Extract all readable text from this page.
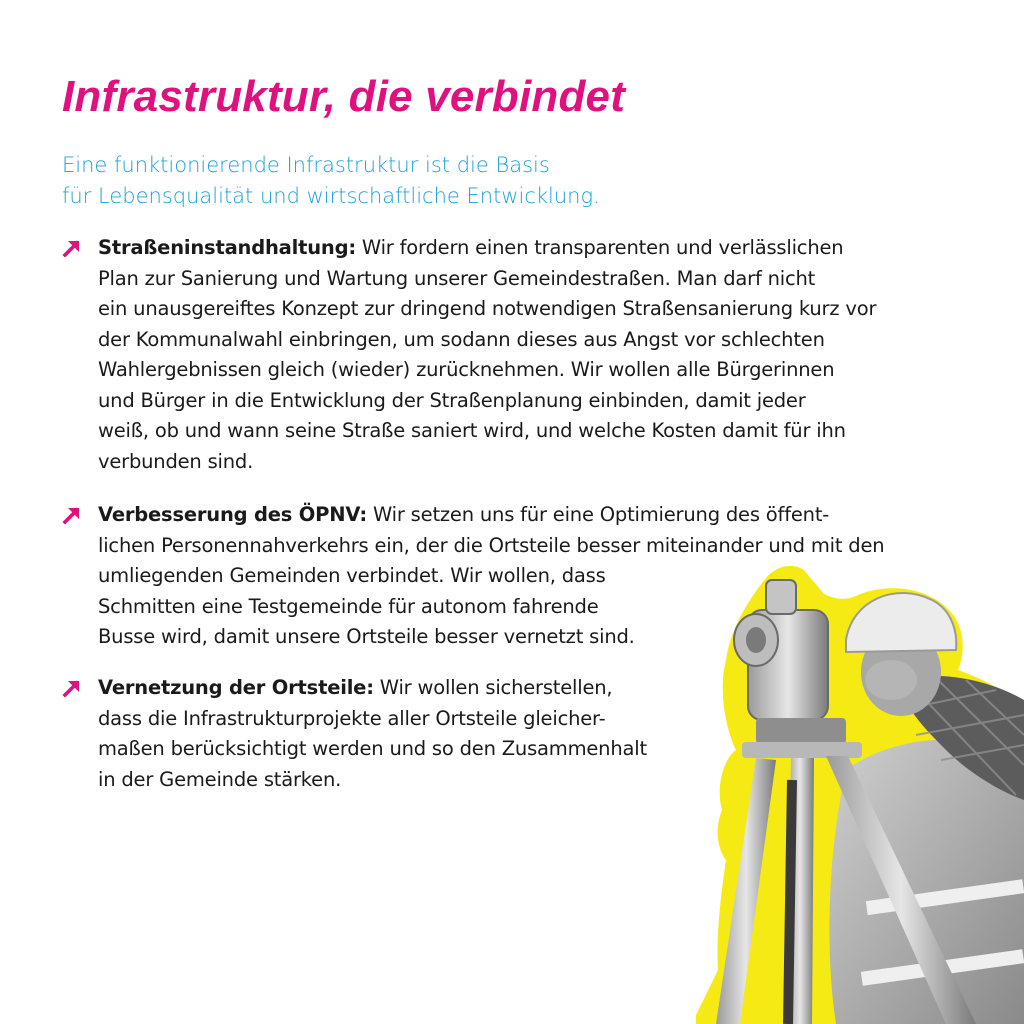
Infrastruktur, die verbindet

Eine funktionierende Infrastruktur ist die Basis
für Lebensqualität und wirtschaftliche Entwicklung.

Straßeninstandhaltung: Wir fordern einen transparenten und verlässlichen
Plan zur Sanierung und Wartung unserer Gemeindestraßen. Man darf nicht
ein unausgereiftes Konzept zur dringend notwendigen Straßensanierung kurz vor
der Kommunalwahl einbringen, um sodann dieses aus Angst vor schlechten
Wahlergebnissen gleich (wieder) zurücknehmen. Wir wollen alle Bürgerinnen
und Bürger in die Entwicklung der Straßenplanung einbinden, damit jeder
weiß, ob und wann seine Straße saniert wird, und welche Kosten damit für ihn
verbunden sind.
Verbesserung des ÖPNV: Wir setzen uns für eine Optimierung des öffent-
lichen Personennahverkehrs ein, der die Ortsteile besser miteinander und mit den
umliegenden Gemeinden verbindet. Wir wollen, dass
Schmitten eine Testgemeinde für autonom fahrende
Busse wird, damit unsere Ortsteile besser vernetzt sind.
Vernetzung der Ortsteile: Wir wollen sicherstellen,
dass die Infrastrukturprojekte aller Ortsteile gleicher-
maßen berücksichtigt werden und so den Zusammenhalt
in der Gemeinde stärken.
